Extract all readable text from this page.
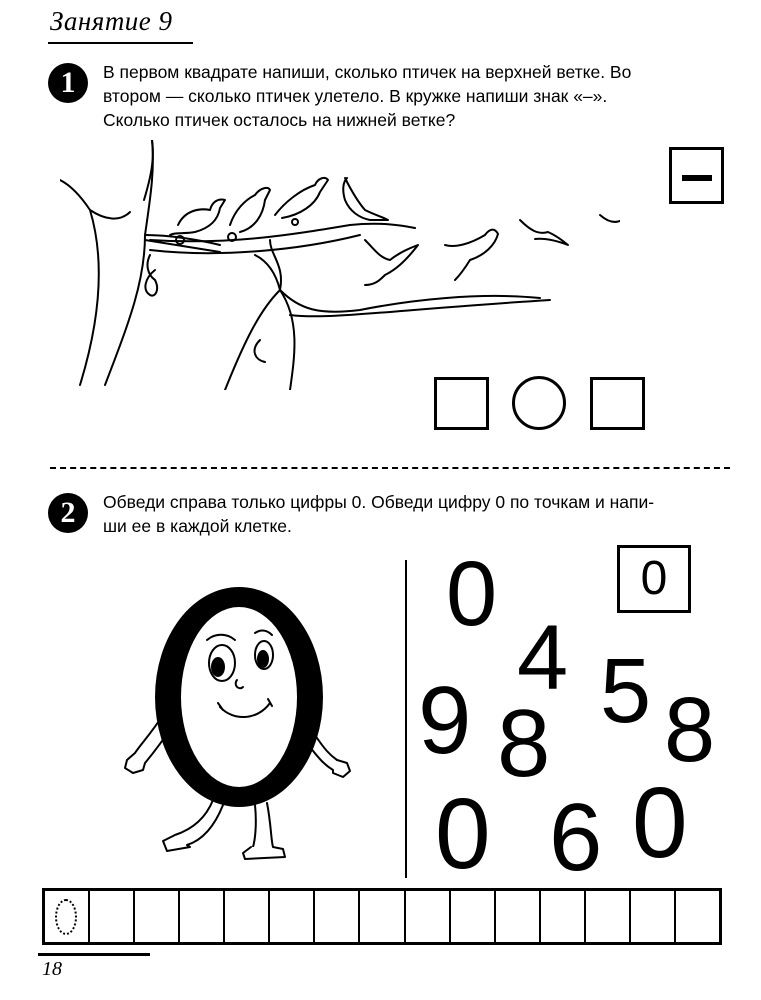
Занятие 9
1	В первом квадрате напиши, сколько птичек на верхней ветке. Во
втором — сколько птичек улетело. В кружке напиши знак «–».
Сколько птичек осталось на нижней ветке?
2	Обведи справа только цифры 0. Обведи цифру 0 по точкам и напи-
ши ее в каждой клетке.
0
0
4
9 8 5 8
0 6 0
18
